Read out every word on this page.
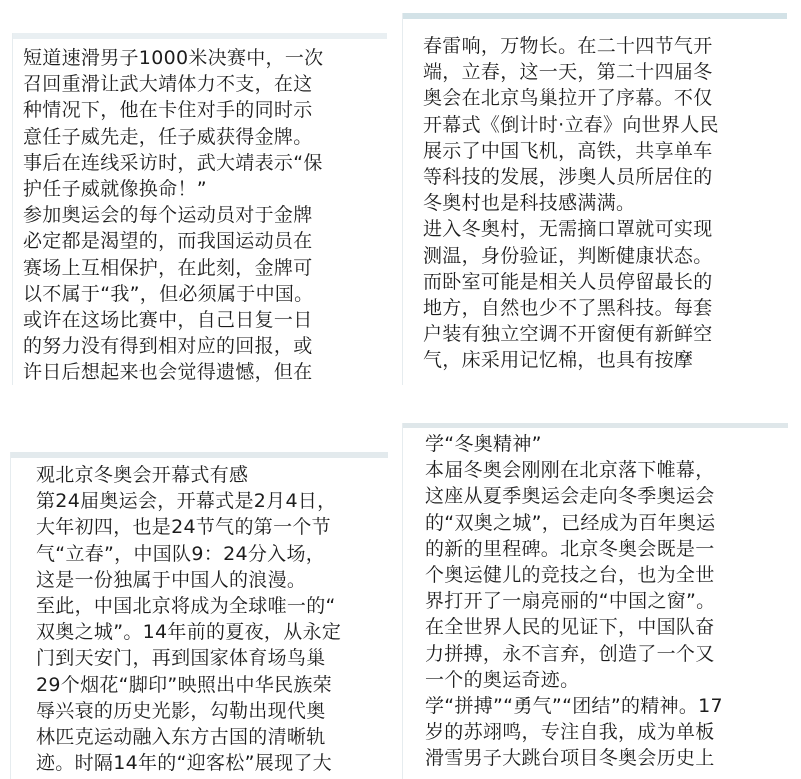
短道速滑男子1000米决赛中，一次
召回重滑让武大靖体力不支，在这
种情况下，他在卡住对手的同时示
意任子威先走，任子威获得金牌。
事后在连线采访时，武大靖表示“保
护任子威就像换命！”
参加奥运会的每个运动员对于金牌
必定都是渴望的，而我国运动员在
赛场上互相保护，在此刻，金牌可
以不属于“我”，但必须属于中国。
或许在这场比赛中，自己日复一日
的努力没有得到相对应的回报，或
许日后想起来也会觉得遗憾，但在
春雷响，万物长。在二十四节气开
端，立春，这一天，第二十四届冬
奥会在北京鸟巢拉开了序幕。不仅
开幕式《倒计时·立春》向世界人民
展示了中国飞机，高铁，共享单车
等科技的发展，涉奥人员所居住的
冬奥村也是科技感满满。
进入冬奥村，无需摘口罩就可实现
测温，身份验证，判断健康状态。
而卧室可能是相关人员停留最长的
地方，自然也少不了黑科技。每套
户装有独立空调不开窗便有新鲜空
气，床采用记忆棉，也具有按摩
观北京冬奥会开幕式有感
第24届奥运会，开幕式是2月4日，
大年初四，也是24节气的第一个节
气“立春”，中国队9：24分入场，
这是一份独属于中国人的浪漫。
至此，中国北京将成为全球唯一的“
双奥之城”。14年前的夏夜，从永定
门到天安门，再到国家体育场鸟巢
29个烟花“脚印”映照出中华民族荣
辱兴衰的历史光影，勾勒出现代奥
林匹克运动融入东方古国的清晰轨
迹。时隔14年的“迎客松”展现了大
学“冬奥精神”
本届冬奥会刚刚在北京落下帷幕，
这座从夏季奥运会走向冬季奥运会
的“双奥之城”，已经成为百年奥运
的新的里程碑。北京冬奥会既是一
个奥运健儿的竞技之台，也为全世
界打开了一扇亮丽的“中国之窗”。
在全世界人民的见证下，中国队奋
力拼搏，永不言弃，创造了一个又
一个的奥运奇迹。
学“拼搏”“勇气”“团结”的精神。17
岁的苏翊鸣，专注自我，成为单板
滑雪男子大跳台项目冬奥会历史上
